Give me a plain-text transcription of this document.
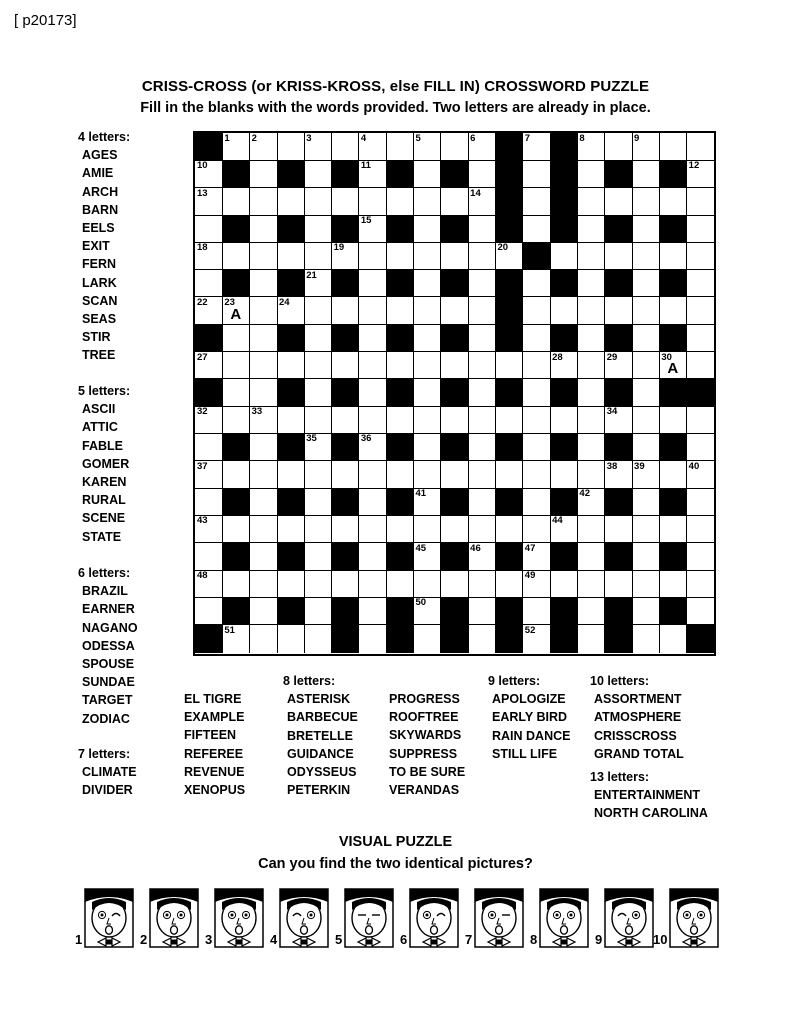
[ p20173]
CRISS-CROSS (or KRISS-KROSS, else FILL IN) CROSSWORD PUZZLE
Fill in the blanks with the words provided. Two letters are already in place.
4 letters:
AGES
AMIE
ARCH
BARN
EELS
EXIT
FERN
LARK
SCAN
SEAS
STIR
TREE
5 letters:
ASCII
ATTIC
FABLE
GOMER
KAREN
RURAL
SCENE
STATE
6 letters:
BRAZIL
EARNER
NAGANO
ODESSA
SPOUSE
SUNDAE
TARGET
ZODIAC
EL TIGRE
EXAMPLE
FIFTEEN
REFEREE
REVENUE
XENOPUS
7 letters:
CLIMATE
DIVIDER
8 letters:
ASTERISK
BARBECUE
BRETELLE
GUIDANCE
ODYSSEUS
PETERKIN
PROGRESS
ROOFTREE
SKYWARDS
SUPPRESS
TO BE SURE
VERANDAS
9 letters:
APOLOGIZE
EARLY BIRD
RAIN DANCE
STILL LIFE
10 letters:
ASSORTMENT
ATMOSPHERE
CRISSCROSS
GRAND TOTAL
13 letters:
ENTERTAINMENT
NORTH CAROLINA
1 2	3	4	5	6	7	8	9
10	11	12
13	14
15
18	19	20
21
22 23
A
24
27	28	29	30
A
32	33	34
35	36
37	38 39	40
41	42
43	44
45	46	47
48	49
50
51	52
VISUAL PUZZLE
Can you find the two identical pictures?
1	2	3	4	5	6	7	8	9	10
